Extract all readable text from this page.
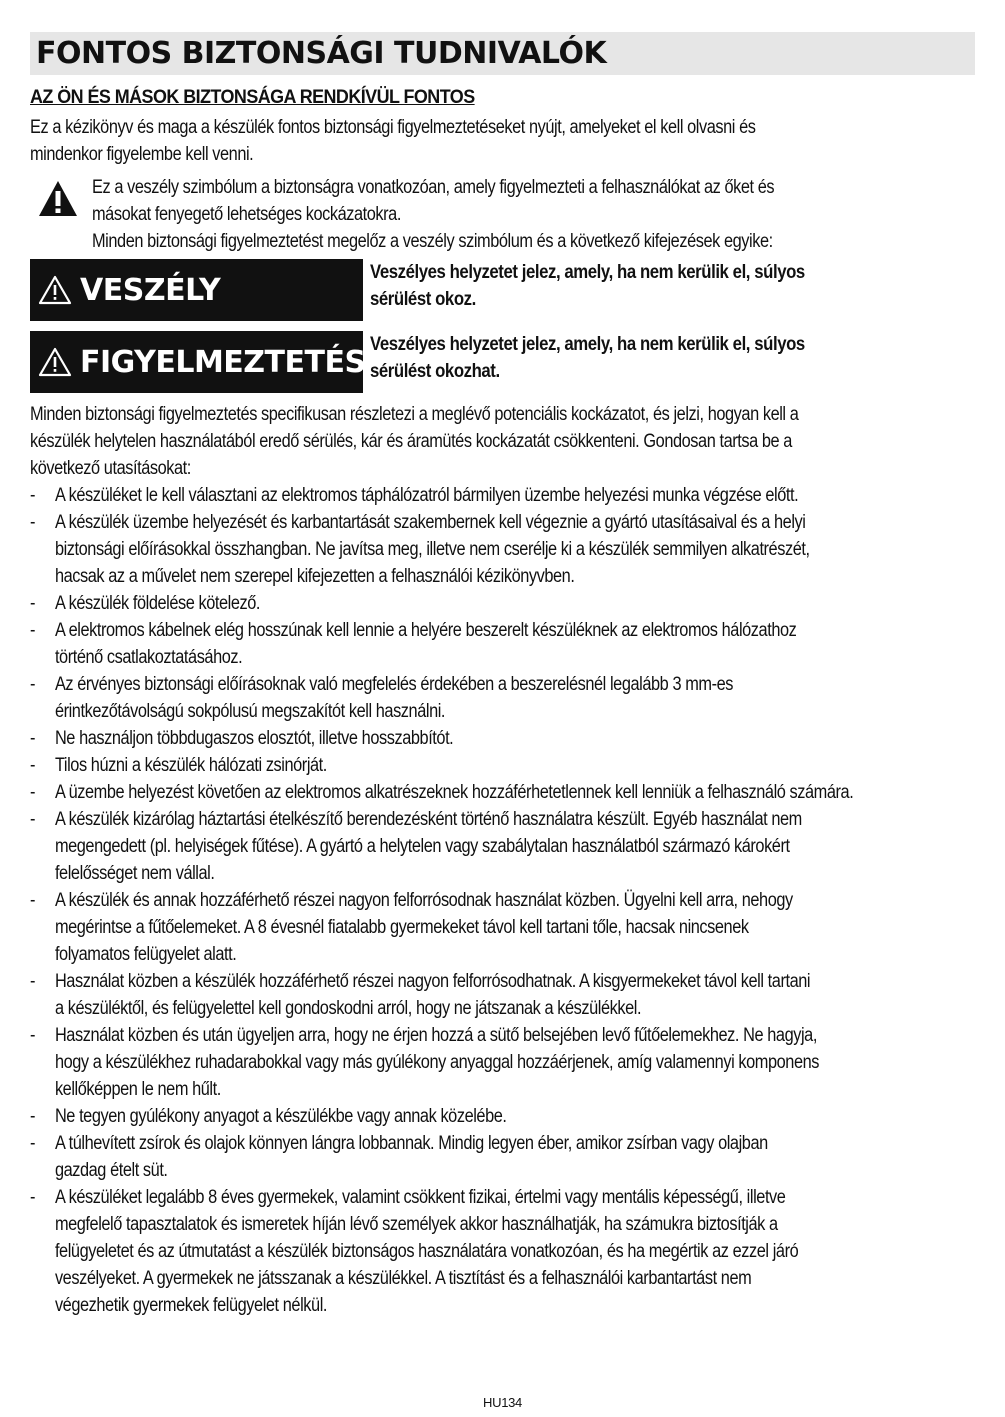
FONTOS BIZTONSÁGI TUDNIVALÓK
AZ ÖN ÉS MÁSOK BIZTONSÁGA RENDKÍVÜL FONTOS
Ez a kézikönyv és maga a készülék fontos biztonsági figyelmeztetéseket nyújt, amelyeket el kell olvasni és
mindenkor figyelembe kell venni.
Ez a veszély szimbólum a biztonságra vonatkozóan, amely figyelmezteti a felhasználókat az őket és
másokat fenyegető lehetséges kockázatokra.
Minden biztonsági figyelmeztetést megelőz a veszély szimbólum és a következő kifejezések egyike:
VESZÉLY
Veszélyes helyzetet jelez, amely, ha nem kerülik el, súlyos
sérülést okoz.
FIGYELMEZTETÉS
Veszélyes helyzetet jelez, amely, ha nem kerülik el, súlyos
sérülést okozhat.
Minden biztonsági figyelmeztetés specifikusan részletezi a meglévő potenciális kockázatot, és jelzi, hogyan kell a
készülék helytelen használatából eredő sérülés, kár és áramütés kockázatát csökkenteni. Gondosan tartsa be a
következő utasításokat:
- A készüléket le kell választani az elektromos táphálózatról bármilyen üzembe helyezési munka végzése előtt.
- A készülék üzembe helyezését és karbantartását szakembernek kell végeznie a gyártó utasításaival és a helyi
biztonsági előírásokkal összhangban. Ne javítsa meg, illetve nem cserélje ki a készülék semmilyen alkatrészét,
hacsak az a művelet nem szerepel kifejezetten a felhasználói kézikönyvben.
- A készülék földelése kötelező.
- A elektromos kábelnek elég hosszúnak kell lennie a helyére beszerelt készüléknek az elektromos hálózathoz
történő csatlakoztatásához.
- Az érvényes biztonsági előírásoknak való megfelelés érdekében a beszerelésnél legalább 3 mm-es
érintkezőtávolságú sokpólusú megszakítót kell használni.
- Ne használjon többdugaszos elosztót, illetve hosszabbítót.
- Tilos húzni a készülék hálózati zsinórját.
- A üzembe helyezést követően az elektromos alkatrészeknek hozzáférhetetlennek kell lenniük a felhasználó számára.
- A készülék kizárólag háztartási ételkészítő berendezésként történő használatra készült. Egyéb használat nem
megengedett (pl. helyiségek fűtése). A gyártó a helytelen vagy szabálytalan használatból származó károkért
felelősséget nem vállal.
- A készülék és annak hozzáférhető részei nagyon felforrósodnak használat közben. Ügyelni kell arra, nehogy
megérintse a fűtőelemeket. A 8 évesnél fiatalabb gyermekeket távol kell tartani tőle, hacsak nincsenek
folyamatos felügyelet alatt.
- Használat közben a készülék hozzáférhető részei nagyon felforrósodhatnak. A kisgyermekeket távol kell tartani
a készüléktől, és felügyelettel kell gondoskodni arról, hogy ne játszanak a készülékkel.
- Használat közben és után ügyeljen arra, hogy ne érjen hozzá a sütő belsejében levő fűtőelemekhez. Ne hagyja,
hogy a készülékhez ruhadarabokkal vagy más gyúlékony anyaggal hozzáérjenek, amíg valamennyi komponens
kellőképpen le nem hűlt.
- Ne tegyen gyúlékony anyagot a készülékbe vagy annak közelébe.
- A túlhevített zsírok és olajok könnyen lángra lobbannak. Mindig legyen éber, amikor zsírban vagy olajban
gazdag ételt süt.
- A készüléket legalább 8 éves gyermekek, valamint csökkent fizikai, értelmi vagy mentális képességű, illetve
megfelelő tapasztalatok és ismeretek híján lévő személyek akkor használhatják, ha számukra biztosítják a
felügyeletet és az útmutatást a készülék biztonságos használatára vonatkozóan, és ha megértik az ezzel járó
veszélyeket. A gyermekek ne játsszanak a készülékkel. A tisztítást és a felhasználói karbantartást nem
végezhetik gyermekek felügyelet nélkül.
HU134
